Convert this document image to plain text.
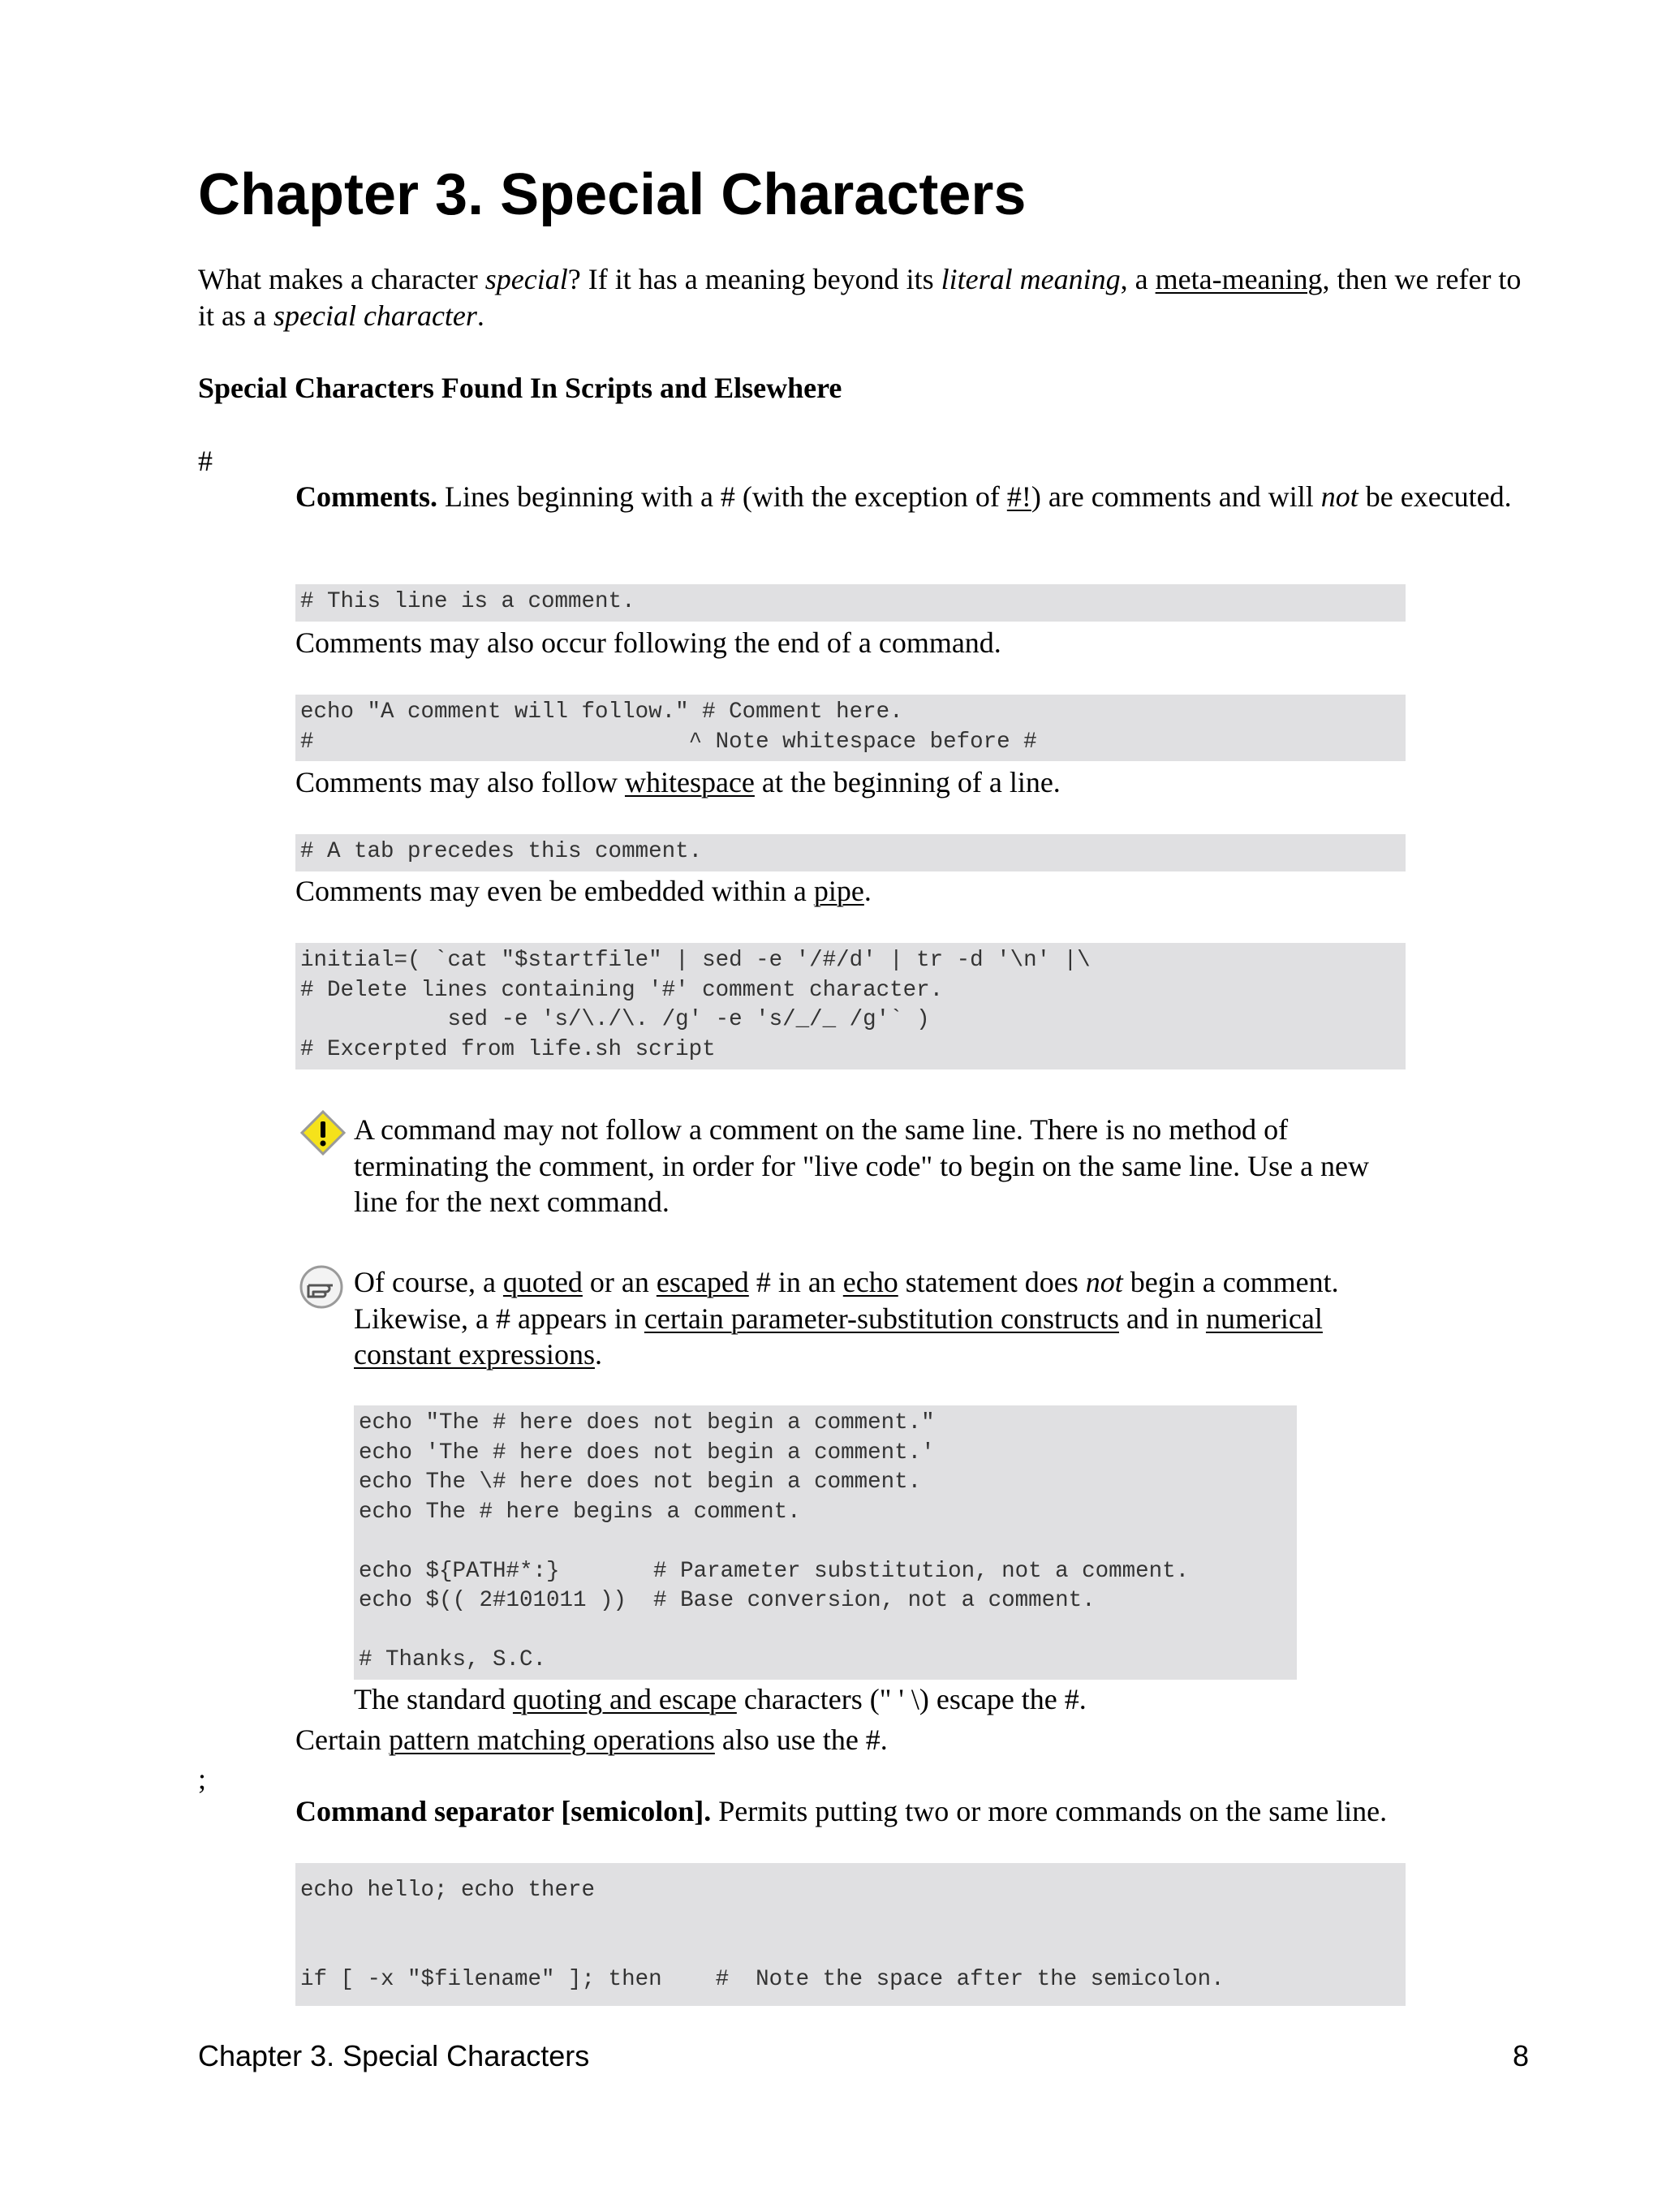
Chapter 3. Special Characters
What makes a character special? If it has a meaning beyond its literal meaning, a meta-meaning, then we refer to it as a special character.
Special Characters Found In Scripts and Elsewhere
#
Comments. Lines beginning with a # (with the exception of #!) are comments and will not be executed.
# This line is a comment.
Comments may also occur following the end of a command.
echo "A comment will follow." # Comment here.
#                            ^ Note whitespace before #
Comments may also follow whitespace at the beginning of a line.
# A tab precedes this comment.
Comments may even be embedded within a pipe.
initial=( `cat "$startfile" | sed -e '/#/d' | tr -d '\n' |\
# Delete lines containing '#' comment character.
sed -e 's/\./\. /g' -e 's/_/_ /g'` )
# Excerpted from life.sh script
A command may not follow a comment on the same line. There is no method of terminating the comment, in order for "live code" to begin on the same line. Use a new line for the next command.
Of course, a quoted or an escaped # in an echo statement does not begin a comment. Likewise, a # appears in certain parameter-substitution constructs and in numerical constant expressions.
echo "The # here does not begin a comment."
echo 'The # here does not begin a comment.'
echo The \# here does not begin a comment.
echo The # here begins a comment.

echo ${PATH#*:}       # Parameter substitution, not a comment.
echo $(( 2#101011 ))  # Base conversion, not a comment.

# Thanks, S.C.
The standard quoting and escape characters (" ' \) escape the #.
Certain pattern matching operations also use the #.
;
Command separator [semicolon]. Permits putting two or more commands on the same line.
echo hello; echo there

if [ -x "$filename" ]; then    #  Note the space after the semicolon.
Chapter 3. Special Characters	8
